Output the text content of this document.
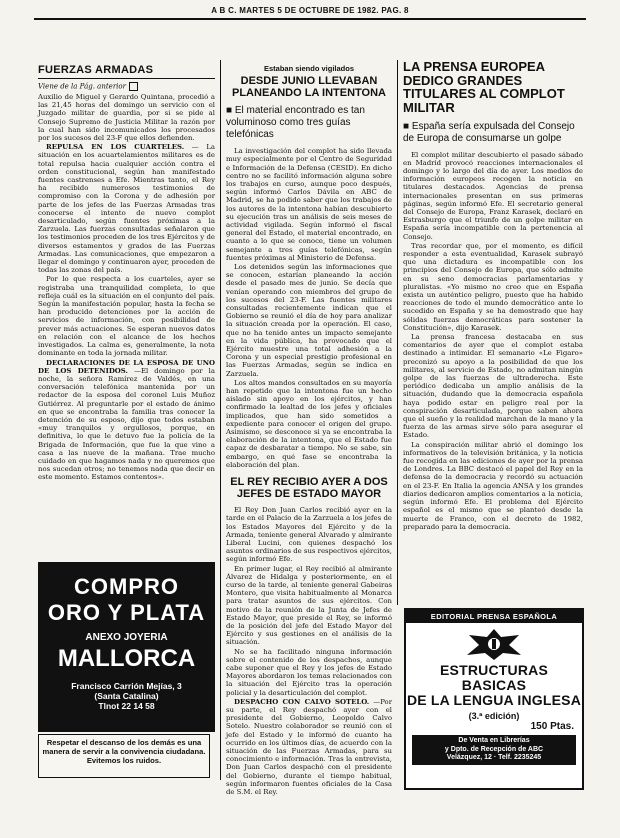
A B C. MARTES 5 DE OCTUBRE DE 1982. PAG. 8
FUERZAS ARMADAS
Viene de la Pág. anterior

Auxilio de Miguel y Gerardo Quintana, procedió a las 21,45 horas del domingo un servicio con el Juzgado militar de guardia, por si se pide al Consejo Supremo de Justicia Militar la razón por la cual han sido incomunicados los procesados por los sucesos del 23-F que ellos defienden.

REPULSA EN LOS CUARTELES. — La situación en los acuartelamientos militares es de total repulsa hacia cualquier acción contra el orden constitucional, según han manifestado fuentes castrenses a Efe. Mientras tanto, el Rey ha recibido numerosos testimonios de compromiso con la Corona y de adhesión por parte de los jefes de las Fuerzas Armadas tras conocerse el intento de nuevo complot desarticulado, según fuentes próximas a la Zarzuela. Las fuerzas consultadas señalaron que los testimonios proceden de los tres Ejércitos y de diversos estamentos y grados de las Fuerzas Armadas. Las comunicaciones, que empezaron a llegar el domingo y continuaron ayer, proceden de todas las zonas del país.

Por lo que respecta a los cuarteles, ayer se registraba una tranquilidad completa, lo que refleja cuál es la situación en el conjunto del país. Según la manifestación popular, hasta la fecha se han producido detenciones por la acción de servicios de información, con posibilidad de prever más actuaciones. Se esperan nuevos datos en relación con el alcance de los hechos investigados. La calma es, generalmente, la nota dominante en toda la jornada militar.

DECLARACIONES DE LA ESPOSA DE UNO DE LOS DETENIDOS. —El domingo por la noche, la señora Ramírez de Valdés, en una conversación telefónica mantenida por un redactor de la esposa del coronel Luis Muñoz Gutiérrez. Al preguntarle por el estado de ánimo en que se encontraba la familia tras conocer la detención de su esposo, dijo que todos estaban «muy tranquilos y orgullosos, porque, en definitiva, lo que le detuvo fue la policía de la Brigada de Información, que fue la que vino a casa a las nueve de la mañana. Trae mucho cuidado en que hagamos nada y no queremos que nos sucedan otros; no tenemos nada que decir en este momento. Estamos contentos».

COMPRO
ORO Y PLATA
ANEXO JOYERIA
MALLORCA
Francisco Carrión Mejías, 3
(Santa Catalina)
Tlnot 22 14 58
Respetar el descanso de los demás es una manera de servir a la convivencia ciudadana.
Evitemos los ruidos.
Estaban siendo vigilados
DESDE JUNIO LLEVABAN PLANEANDO LA INTENTONA
■ El material encontrado es tan voluminoso como tres guías telefónicas

La investigación del complot ha sido llevada muy especialmente por el Centro de Seguridad e Información de la Defensa (CESID). En dicho centro no se facilitó información alguna sobre los trabajos en curso, aunque poco después, según informó Carlos Dávila en ABC de Madrid, se ha podido saber que los trabajos de los autores de la intentona habían descubierto su ejecución tras un análisis de seis meses de actividad vigilada. Según informó el fiscal general del Estado, el material encontrado, en cuanto a lo que se conoce, tiene un volumen semejante a tres guías telefónicas, según fuentes próximas al Ministerio de Defensa.

Los detenidos según las informaciones que se conocen, estarían planeando la acción desde el pasado mes de junio. Se decía que venían operando con miembros del grupo de los sucesos del 23-F. Las fuentes militares consultadas recientemente indican que el Gobierno se reunió el día de hoy para analizar la situación creada por la operación. El caso, que no ha tenido antes un impacto semejante en la vida pública, ha provocado que el Ejército muestre una total adhesión a la Corona y un especial prestigio profesional en las Fuerzas Armadas, según se indica en Zarzuela.

Los altos mandos consultados en su mayoría han repetido que la intentona fue un hecho aislado sin apoyo en los ejércitos, y han confirmado la lealtad de los jefes y oficiales implicados, que han sido sometidos a expediente para conocer el origen del grupo. Asimismo, se desconoce si ya se encontraba la elaboración de la intentona, que el Estado fue capaz de desbaratar a tiempo. No se sabe, sin embargo, en qué fase se encontraba la elaboración del plan.

EL REY RECIBIO AYER A DOS JEFES DE ESTADO MAYOR

El Rey Don Juan Carlos recibió ayer en la tarde en el Palacio de la Zarzuela a los jefes de los Estados Mayores del Ejército y de la Armada, teniente general Alvarado y almirante Liberal Lucini, con quienes despachó los asuntos ordinarios de sus respectivos ejércitos, según informó Efe.

En primer lugar, el Rey recibió al almirante Álvarez de Hidalga y posteriormente, en el curso de la tarde, al teniente general Gabeiras Montero, que visita habitualmente al Monarca para tratar asuntos de sus ejércitos. Con motivo de la reunión de la Junta de Jefes de Estado Mayor, que preside el Rey, se informó de la posición del jefe del Estado Mayor del Ejército y sus gestiones en el análisis de la situación.

No se ha facilitado ninguna información sobre el contenido de los despachos, aunque cabe suponer que el Rey y los jefes de Estado Mayores abordaron los temas relacionados con la situación del Ejército tras la operación policial y la desarticulación del complot.

DESPACHO CON CALVO SOTELO. —Por su parte, el Rey despachó ayer con el presidente del Gobierno, Leopoldo Calvo Sotelo. Nuestro colaborador se reunió con el jefe del Estado y le informó de cuanto ha ocurrido en los últimos días, de acuerdo con la situación de las Fuerzas Armadas, para su conocimiento e información. Tras la entrevista, Don Juan Carlos despachó con el presidente del Gobierno, durante el tiempo habitual, según informaron fuentes oficiales de la Casa de S.M. el Rey.

LA PRENSA EUROPEA DEDICO GRANDES TITULARES AL COMPLOT MILITAR
■ España sería expulsada del Consejo de Europa de consumarse un golpe

El complot militar descubierto el pasado sábado en Madrid provocó reacciones internacionales el domingo y lo largo del día de ayer. Los medios de información europeos recogen la noticia en titulares destacados. Agencias de prensa internacionales presentan en sus primeras páginas, según informó Efe. El secretario general del Consejo de Europa, Franz Karasek, declaró en Estrasburgo que el triunfo de un golpe militar en España sería incompatible con la pertenencia al Consejo.

Tras recordar que, por el momento, es difícil responder a esta eventualidad, Karasek subrayó que una dictadura es incompatible con los principios del Consejo de Europa, que sólo admite en su seno democracias parlamentarias y pluralistas. «Yo mismo no creo que en España exista un auténtico peligro, puesto que ha habido reacciones de todo el mundo democrático ante lo sucedido en España y se ha demostrado que hay sólidas fuerzas democráticas para sostener la Constitución», dijo Karasek.

La prensa francesa destacaba en sus comentarios de ayer que el complot estaba destinado a intimidar. El semanario «Le Figaro» preconizó su apoyo a la posibilidad de que los militares, al servicio de Estado, no admitan ningún golpe de las fuerzas de ultraderecha. Este periódico dedicaba un amplio análisis de la situación, dudando que la democracia española haya podido estar en peligro real por la conspiración desarticulada, porque saben ahora que el sueño y la realidad marchan de la mano y la fuerza de las armas sirve sólo para asegurar el Estado.

La conspiración militar abrió el domingo los informativos de la televisión británica, y la noticia fue recogida en las ediciones de ayer por la prensa de Londres. La BBC destacó el papel del Rey en la defensa de la democracia y recordó su actuación en el 23-F. En Italia la agencia ANSA y los grandes diarios dedicaron amplios comentarios a la noticia, según informó Efe. El problema del Ejército español es el mismo que se planteó desde la muerte de Franco, con el decreto de 1982, preparado para la democracia.

EDITORIAL PRENSA ESPAÑOLA
ESTRUCTURAS BASICAS
DE LA LENGUA INGLESA
(3.ª edición)
150 Ptas.
De Venta en Librerías
y Dpto. de Recepción de ABC
Velázquez, 12 · Telf. 2235245
